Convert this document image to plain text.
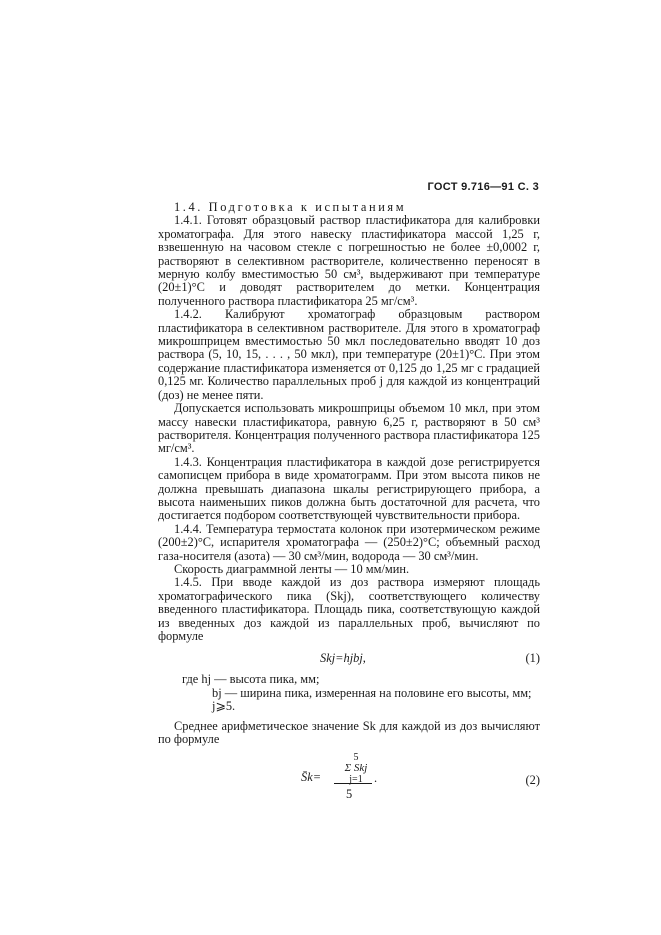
ГОСТ 9.716—91 С. 3

1.4. Подготовка к испытаниям

1.4.1. Готовят образцовый раствор пластификатора для калибровки хроматографа. Для этого навеску пластификатора массой 1,25 г, взвешенную на часовом стекле с погрешностью не более ±0,0002 г, растворяют в селективном растворителе, количественно переносят в мерную колбу вместимостью 50 см³, выдерживают при температуре (20±1)°С и доводят растворителем до метки. Концентрация полученного раствора пластификатора 25 мг/см³.

1.4.2. Калибруют хроматограф образцовым раствором пластификатора в селективном растворителе. Для этого в хроматограф микрошприцем вместимостью 50 мкл последовательно вводят 10 доз раствора (5, 10, 15, . . . , 50 мкл), при температуре (20±1)°С. При этом содержание пластификатора изменяется от 0,125 до 1,25 мг с градацией 0,125 мг. Количество параллельных проб j для каждой из концентраций (доз) не менее пяти.

Допускается использовать микрошприцы объемом 10 мкл, при этом массу навески пластификатора, равную 6,25 г, растворяют в 50 см³ растворителя. Концентрация полученного раствора пластификатора 125 мг/см³.

1.4.3. Концентрация пластификатора в каждой дозе регистрируется самописцем прибора в виде хроматограмм. При этом высота пиков не должна превышать диапазона шкалы регистрирующего прибора, а высота наименьших пиков должна быть достаточной для расчета, что достигается подбором соответствующей чувствительности прибора.

1.4.4. Температура термостата колонок при изотермическом режиме (200±2)°С, испарителя хроматографа — (250±2)°С; объемный расход газа-носителя (азота) — 30 см³/мин, водорода — 30 см³/мин.

Скорость диаграммной ленты — 10 мм/мин.

1.4.5. При вводе каждой из доз раствора измеряют площадь хроматографического пика (Skj), соответствующего количеству введенного пластификатора. Площадь пика, соответствующую каждой из введенных доз каждой из параллельных проб, вычисляют по формуле

Skj=hjbj,	(1)
где hj — высота пика, мм;
bj — ширина пика, измеренная на половине его высоты, мм;
j⩾5.

Среднее арифметическое значение Sk для каждой из доз вычисляют по формуле

5
Σ Skj
j=1
S̄k=
5
.	(2)
